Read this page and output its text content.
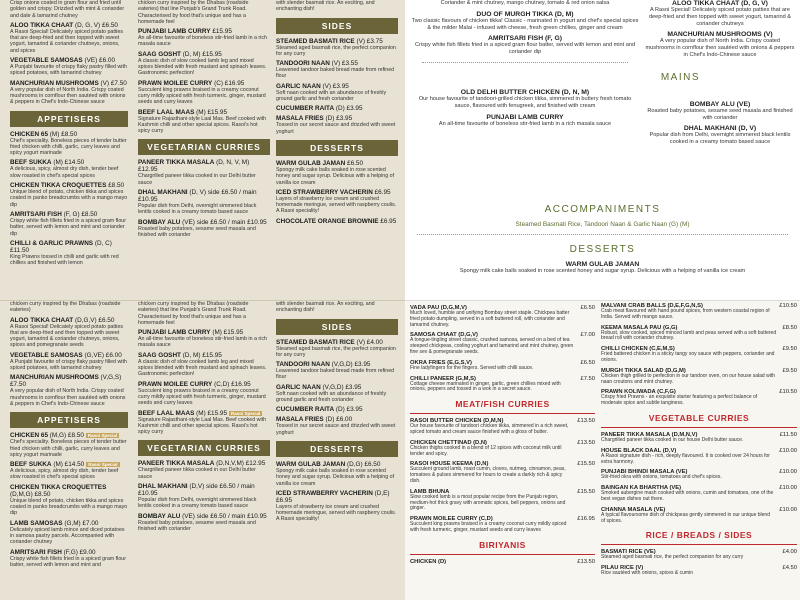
Crisp onions coated in gram flour and fried until golden and crispy. Drizzled with mint & coriander and date & tamarind chutney
ALOO TIKKA CHAAT (D, G, V) £6.50
A Rasoi Special! Delicately spiced potato patties that are deep-fried and then topped with sweet yogurt, tamarind & coriander chutneys, onions, and spices
VEGETABLE SAMOSAS (VE) £6.00
A Punjabi favourite of crispy flaky pastry filled with spiced potatoes, with tamarind chutney
MANCHURIAN MUSHROOMS (V) £7.50
A very popular dish of North India. Crispy coated mushrooms in cornflour then sautéed with onions & peppers in Chef's Indo-Chinese sauce
APPETISERS
CHICKEN 65 (M) £8.50
Chef's speciality. Boneless pieces of tender butter fried chicken with chilli, garlic, curry leaves and spicy yogurt marinade
BEEF SUKKA (M) £14.50
A delicious, spicy, almost dry dish, tender beef slow roasted in chef's special spices
CHICKEN TIKKA CROQUETTES £8.50
Unique blend of potato, chicken tikka and spices coated in panko breadcrumbs with a mango mayo dip
AMRITSARI FISH (F, G) £8.50
Crispy white fish fillets fried in a spiced gram flour batter, served with lemon and mint and coriander dip
CHILLI & GARLIC PRAWNS (D, C) £11.50
King Prawns tossed in chilli and garlic with red chillies and finished with lemon
chicken curry inspired by the Dhabas (roadside eateries) that line Punjab's Grand Trunk Road. Characterised by food that's unique and has a homemade feel
PUNJABI LAMB CURRY £15.95
An all-time favourite of boneless stir-fried lamb in a rich masala sauce
SAAG GOSHT (D, M) £15.95
A classic dish of slow cooked lamb leg and mixed spices blended with fresh mustard and spinach leaves. Gastronomic perfection!
PRAWN MOILEE CURRY (C) £16.95
Succulent king prawns braised in a creamy coconut curry mildly spiced with fresh turmeric, ginger, mustard seeds and curry leaves
BEEF LAAL MAAS (M) £15.95
Signature Rajasthani-style Laal Mas. Beef cooked with Kashmiri chilli and other special spices. Rasoi's hot spicy curry
VEGETARIAN CURRIES
PANEER TIKKA MASALA (D, N, V, M) £12.95
Chargrilled paneer tikka cooked in our Delhi butter sauce
DHAL MAKHANI (D, V) side £6.50 / main £10.95
Popular dish from Delhi, overnight simmered black lentils cooked in a creamy tomato based sauce
BOMBAY ALU (VE) side £6.50 / main £10.95
Roasted baby potatoes, sesame seed masala and finished with coriander
with slender basmati rice. An exciting, and enchanting dish!
SIDES
STEAMED BASMATI RICE (V) £3.75
Steamed aged basmati rice, the perfect companion for any curry
TANDOORI NAAN (V) £3.55
Leavened tandoor baked bread made from refined flour
GARLIC NAAN (V) £3.95
Soft naan cooked with an abundance of freshly ground garlic and fresh coriander
CUCUMBER RAITA (D) £3.95
MASALA FRIES (D) £3.95
Tossed in our secret sauce and drizzled with sweet yoghurt
DESSERTS
WARM GULAB JAMAN £6.50
Spongy milk cake balls soaked in rose scented honey and sugar syrup. Delicious with a helping of vanilla ice cream
ICED STRAWBERRY VACHERIN £6.95
Layers of strawberry ice cream and crushed homemade meringue, served with raspberry coulis. A Rasoi speciality!
CHOCOLATE ORANGE BROWNIE £6.95
chicken curry inspired by the Dhabas (roadside eateries)
ALOO TIKKA CHAAT (D,G,V) £6.50
A Rasoi Special! Delicately spiced potato patties that are deep-fried and then topped with sweet yogurt, tamarind & coriander chutneys, onions, spices and pomegranate seeds
VEGETABLE SAMOSAS (G,VE) £6.00
A Punjabi favourite of crispy flaky pastry filled with spiced potatoes, with tamarind chutney
MANCHURIAN MUSHROOMS (V,G,S) £7.50
A very popular dish of North India. Crispy coated mushrooms in cornflour then sautéed with onions & peppers in Chef's Indo-Chinese sauce
APPETISERS
CHICKEN 65 (M,G) £8.50 Rasoi Special
Chef's speciality. Boneless pieces of tender butter fried chicken with chilli, garlic, curry leaves and spicy yogurt marinade
BEEF SUKKA (M) £14.50 Rasoi Special
A delicious, spicy, almost dry dish, tender beef slow roasted in chef's special spices
CHICKEN TIKKA CROQUETTES (D,M,G) £8.50
Unique blend of potato, chicken tikka and spices coated in panko breadcrumbs with a mango mayo dip
LAMB SAMOSAS (G,M) £7.00
Delicately spiced lamb mince and diced potatoes in samosa pastry parcels. Accompanied with coriander chutney
AMRITSARI FISH (F,G) £9.00
Crispy white fish fillets fried in a spiced gram flour batter, served with lemon and mint and
chicken curry inspired by the Dhabas (roadside eateries) that line Punjab's Grand Trunk Road. Characterised by food that's unique and has a homemade feel
PUNJABI LAMB CURRY (M) £15.95
An all-time favourite of boneless stir-fried lamb in a rich masala sauce
SAAG GOSHT (D, M) £15.95
A classic dish of slow cooked lamb leg and mixed spices blended with fresh mustard and spinach leaves. Gastronomic perfection!
PRAWN MOILEE CURRY (C,D) £16.95
Succulent king prawns braised in a creamy coconut curry mildly spiced with fresh turmeric, ginger, mustard seeds and curry leaves
BEEF LAAL MAAS (M) £15.95 Rasoi Special
Signature Rajasthani-style Laal Mas. Beef cooked with Kashmiri chilli and other special spices. Rasoi's hot spicy curry
VEGETARIAN CURRIES
PANEER TIKKA MASALA (D,N,V,M) £12.95
Chargrilled paneer tikka cooked in our Delhi butter sauce
DHAL MAKHANI (D,V) side £6.50 / main £10.95
Popular dish from Delhi, overnight simmered black lentils cooked in a creamy tomato based sauce
BOMBAY ALU (VE) side £6.50 / main £10.95
Roasted baby potatoes, sesame seed masala and finished with coriander
with slender basmati rice. An exciting, and enchanting dish!
SIDES
STEAMED BASMATI RICE (V) £4.00
Steamed aged basmati rice, the perfect companion for any curry
TANDOORI NAAN (V,G,D) £3.95
Leavened tandoor baked bread made from refined flour
GARLIC NAAN (V,G,D) £3.95
Soft naan cooked with an abundance of freshly ground garlic and fresh coriander
CUCUMBER RAITA (D) £3.95
MASALA FRIES (D) £6.00
Tossed in our secret sauce and drizzled with sweet yoghurt
DESSERTS
WARM GULAB JAMAN (D,G) £6.50
Spongy milk cake balls soaked in rose scented honey and sugar syrup. Delicious with a helping of vanilla ice cream
ICED STRAWBERRY VACHERIN (D,E) £6.95
Layers of strawberry ice cream and crushed homemade meringue, served with raspberry coulis. A Rasoi speciality!
Coriander & mint chutney, mango chutney, tomato & red onion salsa
DUO OF MURGH TIKKA (D, M)
Two classic flavours of chicken tikka! Classic - marinated in yogurt and chef's special spices & the milder Malai - infused with cheese, fresh green chillies, ginger and cream
AMRITSARI FISH (F, G)
Crispy white fish fillets fried in a spiced gram flour batter, served with lemon and mint and coriander dip
MAINS
OLD DELHI BUTTER CHICKEN (D, N, M)
Our house favourite of tandoori-grilled chicken tikka, simmered in buttery fresh tomato sauce, flavoured with fenugreek, and finished with cream
PUNJABI LAMB CURRY
An all-time favourite of boneless stir-fried lamb in a rich masala sauce
ALOO TIKKA CHAAT (D, G, V)
A Rasoi Special! Delicately spiced potato patties that are deep-fried and then topped with sweet yogurt, tamarind & coriander chutneys
MANCHURIAN MUSHROOMS (V)
A very popular dish of North India. Crispy coated mushrooms in cornflour then sautéed with onions & peppers in Chef's Indo-Chinese sauce
BOMBAY ALU (VE)
Roasted baby potatoes, sesame seed masala and finished with coriander
DHAL MAKHANI (D, V)
Popular dish from Delhi, overnight simmered black lentils cooked in a creamy tomato based sauce
ACCOMPANIMENTS
Steamed Basmati Rice, Tandoori Naan & Garlic Naan (G) (M)
DESSERTS
WARM GULAB JAMAN
Spongy milk cake balls soaked in rose scented honey and sugar syrup. Delicious with a helping of vanilla ice cream
VADA PAU (D,G,M,V)
Much loved, humble and unifying Bombay street staple. Chickpea batter fried potato dumpling, served in a soft buttered roll, with coriander and tamarind chutney.
£6.50
SAMOSA CHAAT (D,G,V)
A tongue-tingling street classic, crushed samosa, served on a bed of tea steeped chickpeas, cooling yoghurt and tamarind and mint chutney, green fine sev & pomegranate seeds.
£7.00
OKRA FRIES (E,G,S,V)
Fine ladyfingers for the fingers. Served with chilli sauce.
£6.50
CHILLI PANEER (G,M,S)
Cottage cheese marinated in ginger, garlic, green chillies mixed with onions, peppers and tossed in a wok in a secret sauce.
£7.50
MEAT/FISH CURRIES
RASOI BUTTER CHICKEN (D,M,N)
Our house favourite of tandoori chicken tikka, simmered in a rich sweet, spiced tomato and cream sauce finished with a gloss of butter.
£13.50
CHICKEN CHETTINAD (D,N)
Chicken thighs cooked in a blend of 12 spices with coconut milk until tender and spicy.
£13.50
RASOI HOUSE KEEMA (D,N)
Succulent ground lamb, roast cumin, cloves, nutmeg, cinnamon, peas, tomatoes & pulses simmered for hours to create a darkly rich & spicy dish.
£15.50
LAMB BHUNA
Slow cooked lamb is a most popular recipe from the Punjab region, medium-hot thick gravy with aromatic spices, bell peppers, onions and ginger.
£15.50
PRAWN MOILEE CURRY (C,D)
Succulent king prawns braised in a creamy coconut curry mildly spiced with fresh turmeric, ginger, mustard seeds and curry leaves
£16.95
BIRIYANIS
CHICKEN (D)	£13.50
MALVANI CRAB BALLS (D,E,F,G,N,S)
Crab meat flavoured with hand pound spices, from western coastal region of India. Served with mango sauce.
£10.50
KEEMA MASALA PAU (G,G)
Robust, slow cooked, spiced minced lamb and peas served with a soft buttered bread roll with coriander chutney.
£8.50
CHILLI CHICKEN (C,E,M,S)
Fried battered chicken in a sticky tangy soy sauce with peppers, coriander and onions.
£9.50
MURGH TIKKA SALAD (D,G,M)
Chicken thigh grilled to perfection in our tandoor oven, on our house salad with naan croutons and mint chutney.
£9.50
PRAWN KOLIWADA (C,F,G)
Crispy fried Prawns - an exquisite starter featuring a perfect balance of moderate spice and subtle tanginess.
£10.50
VEGETABLE CURRIES
PANEER TIKKA MASALA (D,M,N,V)
Chargrilled paneer tikka cooked in our house Delhi butter sauce.
£11.50
HOUSE BLACK DAAL (D,V)
A Rasoi signature dish - rich, deeply flavoured. It is cooked over 24 hours for extra harmony.
£10.00
PUNJABI BHINDI MASALA (VE)
Stir-fried okra with onions, tomatoes and chef's spices.
£10.00
BAINGAN KA BHARTHA (VE)
Smoked aubergine mash cooked with onions, cumin and tomatoes, one of the best vegan dishes out there.
£10.00
CHANNA MASALA (VE)
A typical flavoursome dish of chickpeas gently simmered in our unique blend of spices.
£10.00
RICE / BREADS / SIDES
BASMATI RICE (VE)
Steamed aged basmati rice, the perfect companion for any curry
£4.00
PILAU RICE (V)
Rice sautéed with onions, spices & cumin
£4.50
